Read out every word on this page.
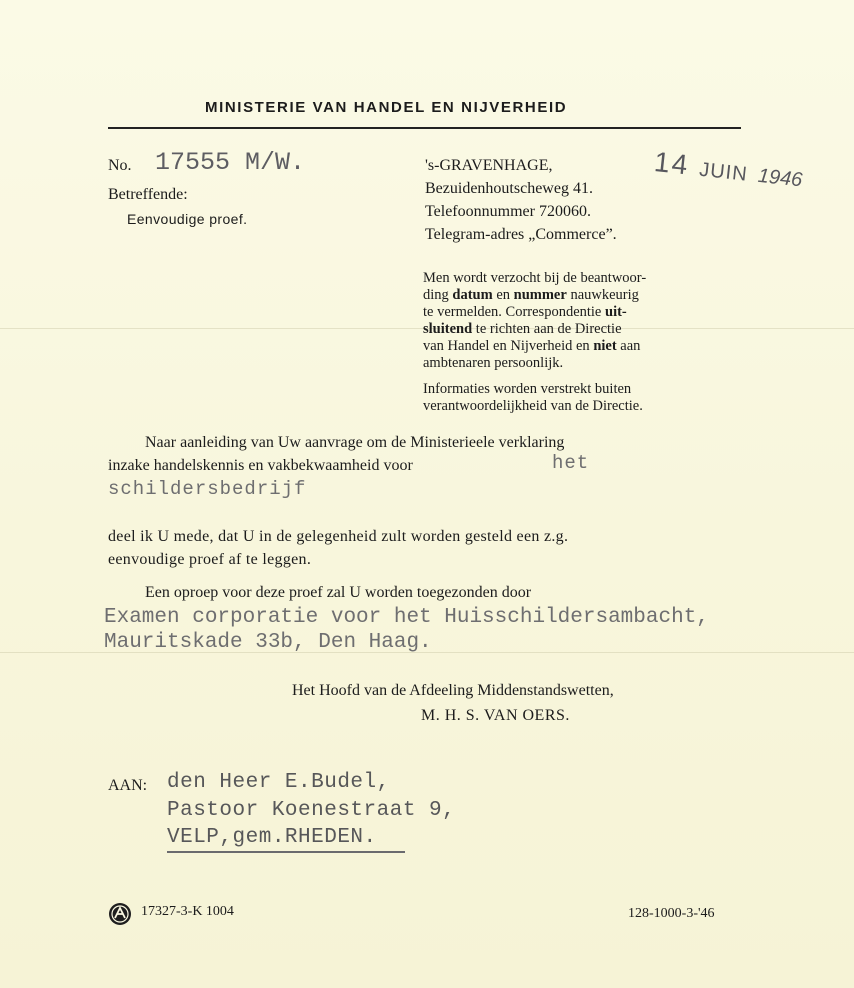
MINISTERIE VAN HANDEL EN NIJVERHEID
No. 17555 M/W.
Betreffende:
Eenvoudige proef.
's-GRAVENHAGE,
Bezuidenhoutscheweg 41.
Telefoonnummer 720060.
Telegram-adres „Commerce”.
14 JUIN 1946
Men wordt verzocht bij de beantwoor-
ding datum en nummer nauwkeurig
te vermelden. Correspondentie uit-
sluitend te richten aan de Directie
van Handel en Nijverheid en niet aan
ambtenaren persoonlijk.
Informaties worden verstrekt buiten
verantwoordelijkheid van de Directie.
Naar aanleiding van Uw aanvrage om de Ministerieele verklaring
inzake handelskennis en vakbekwaamheid voor	het
schildersbedrijf
deel ik U mede, dat U in de gelegenheid zult worden gesteld een z.g.
eenvoudige proef af te leggen.
Een oproep voor deze proef zal U worden toegezonden door
Examen corporatie voor het Huisschildersambacht,
Mauritskade 33b, Den Haag.
Het Hoofd van de Afdeeling Middenstandswetten,
M. H. S. VAN OERS.
AAN: den Heer E.Budel,
Pastoor Koenestraat 9,
VELP,gem.RHEDEN.
17327-3-K 1004	128-1000-3-'46
